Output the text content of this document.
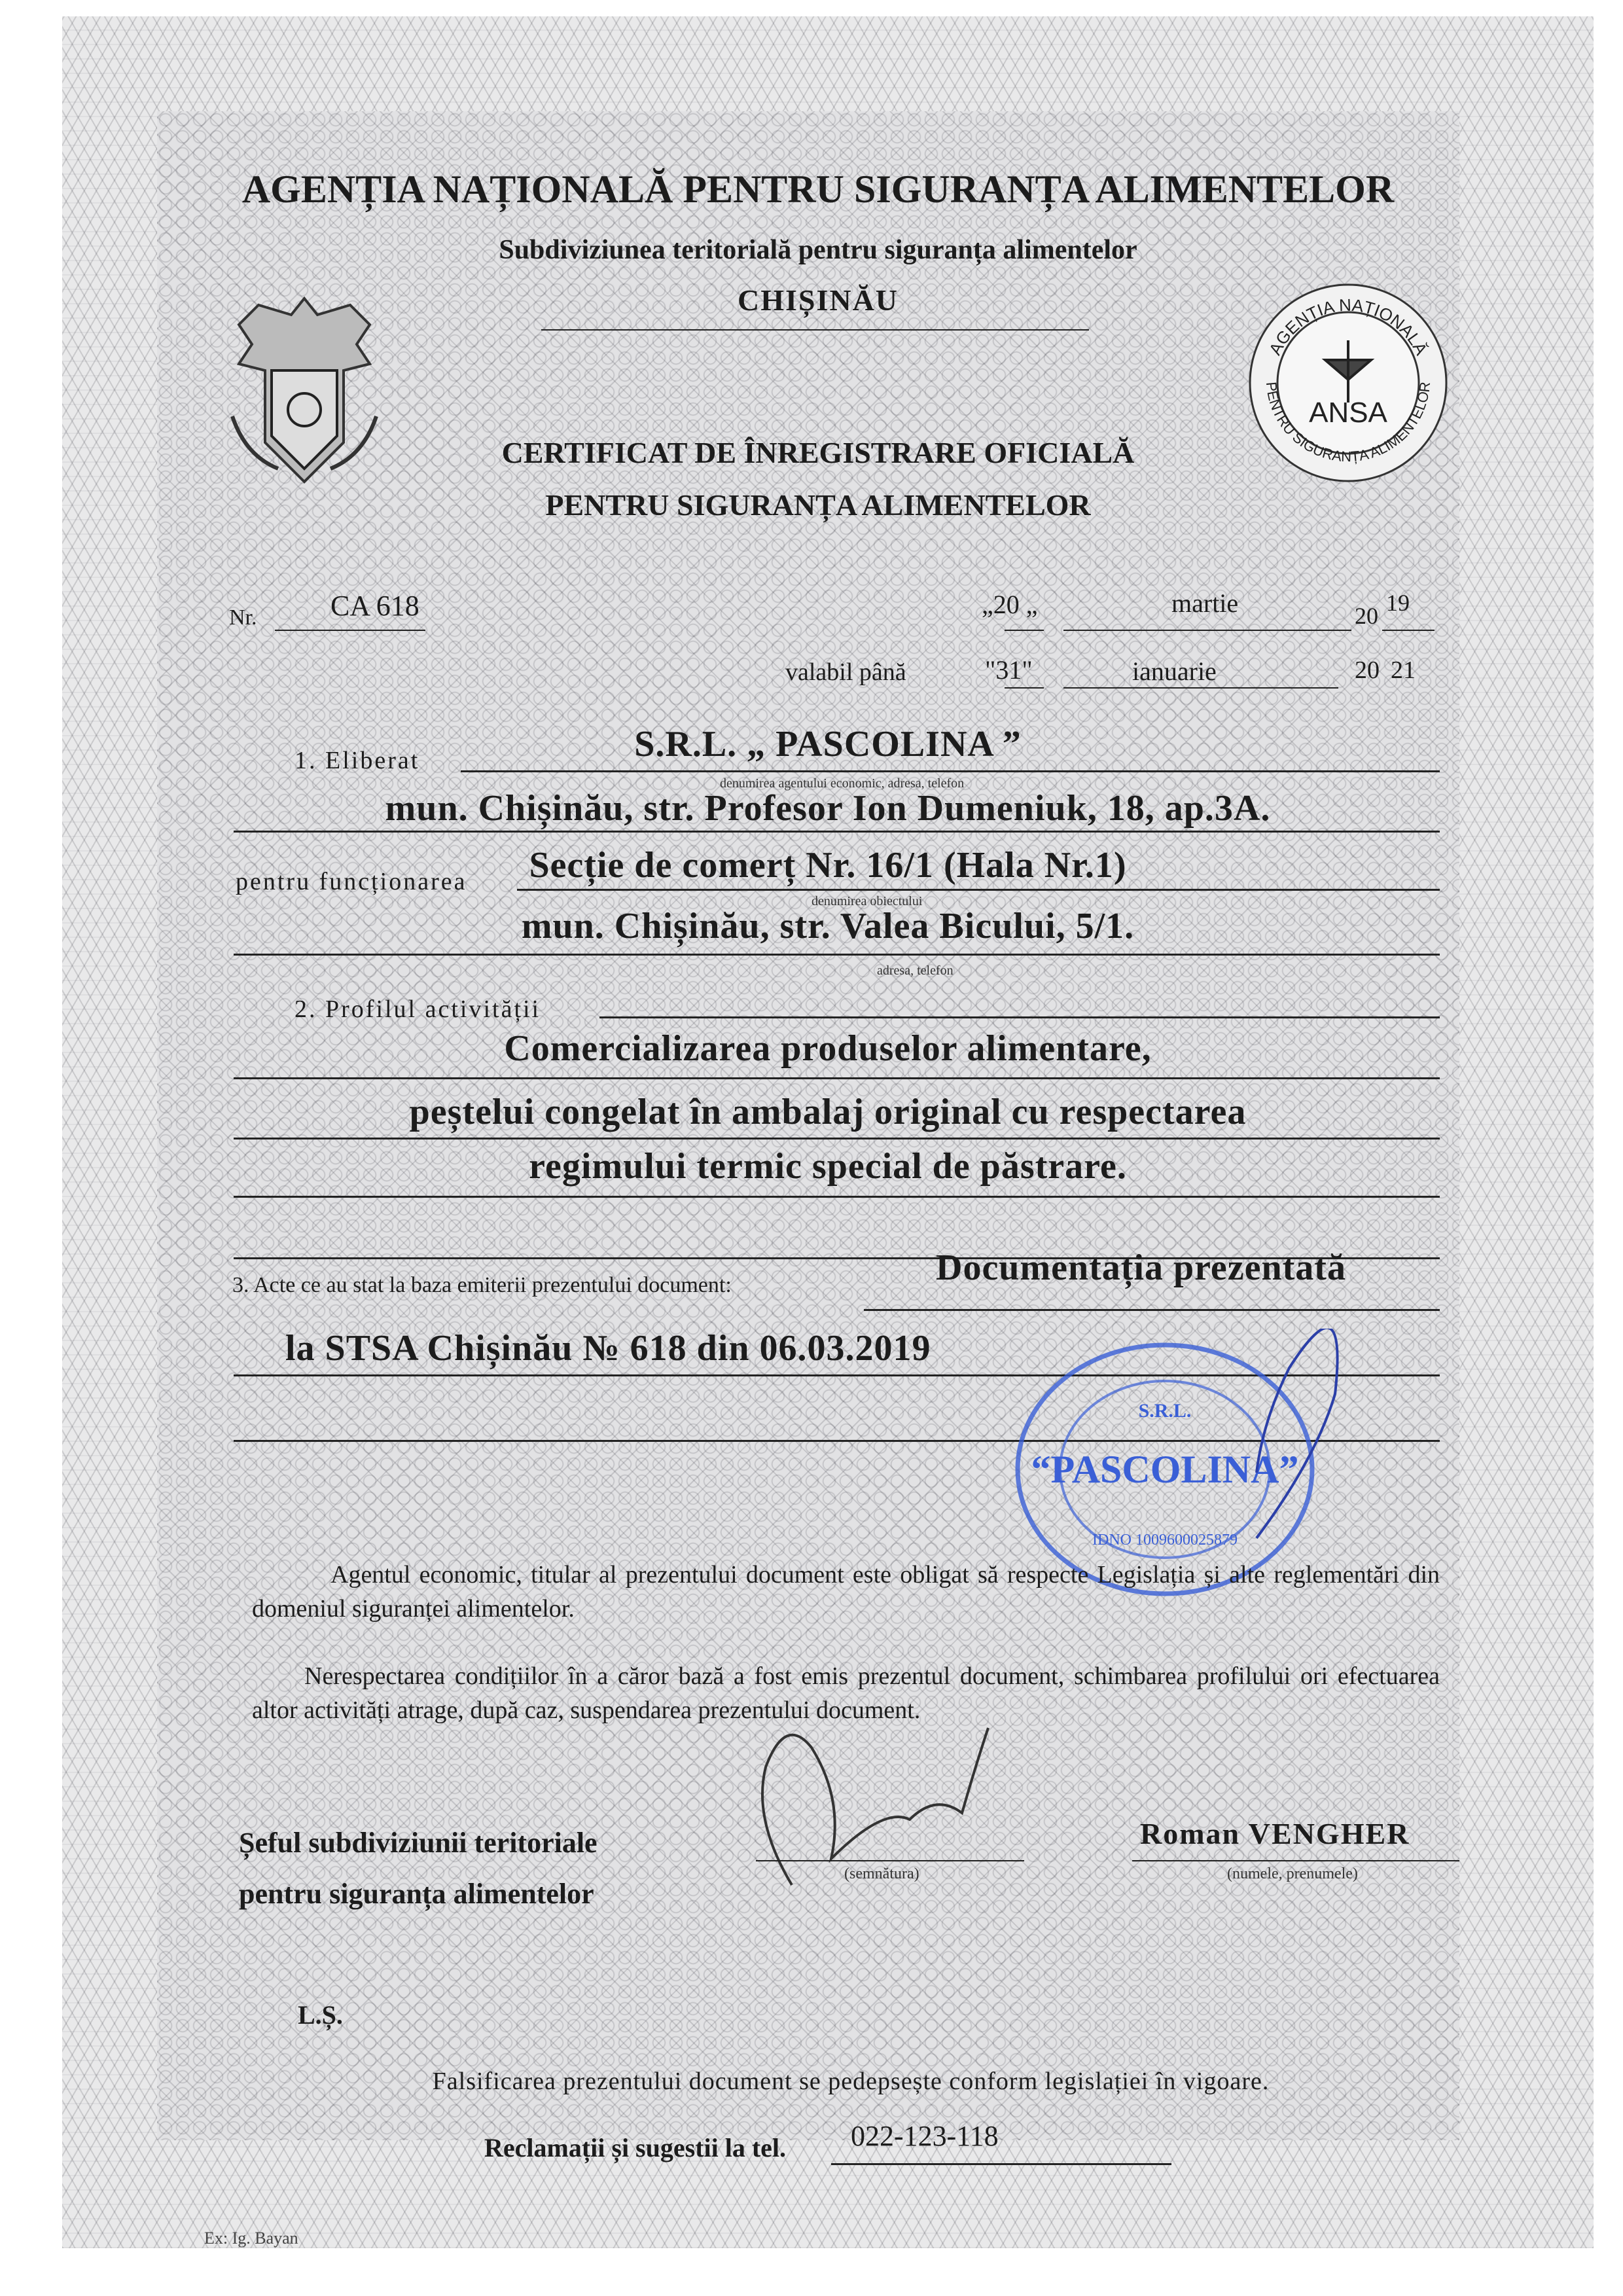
AGENȚIA NAȚIONALĂ PENTRU SIGURANȚA ALIMENTELOR
Subdiviziunea teritorială pentru siguranța alimentelor
CHIȘINĂU
AGENȚIA NAȚIONALĂ
PENTRU SIGURANȚA ALIMENTELOR
ANSA
CERTIFICAT DE ÎNREGISTRARE OFICIALĂ
PENTRU SIGURANȚA ALIMENTELOR
Nr.	CA 618	„20 „	martie	20 19
valabil până	"31"	ianuarie	20 21
1. Eliberat	S.R.L. „ PASCOLINA ”
denumirea agentului economic, adresa, telefon
mun. Chișinău, str. Profesor Ion Dumeniuk, 18, ap.3A.
pentru funcționarea Secție de comerț Nr. 16/1 (Hala Nr.1)
denumirea obiectului
mun. Chișinău, str. Valea Bicului, 5/1.
adresa, telefon
2. Profilul activității
Comercializarea produselor alimentare,
peștelui congelat în ambalaj original cu respectarea
regimului termic special de păstrare.
3. Acte ce au stat la baza emiterii prezentului document:	Documentația prezentată
la STSA Chișinău № 618 din 06.03.2019
S.R.L.
“PASCOLINA”
IDNO 1009600025879
Agentul economic, titular al prezentului document este obligat să respecte Legislația și alte reglementări din domeniul siguranței alimentelor.
Nerespectarea condițiilor în a căror bază a fost emis prezentul document, schimbarea profilului ori efectuarea altor activități atrage, după caz, suspendarea prezentului document.
Șeful subdiviziunii teritoriale
pentru siguranța alimentelor
(semnătura)
Roman VENGHER
(numele, prenumele)
L.Ș.
Falsificarea prezentului document se pedepsește conform legislației în vigoare.
Reclamații și sugestii la tel. 022-123-118
Ex: Ig. Bayan
